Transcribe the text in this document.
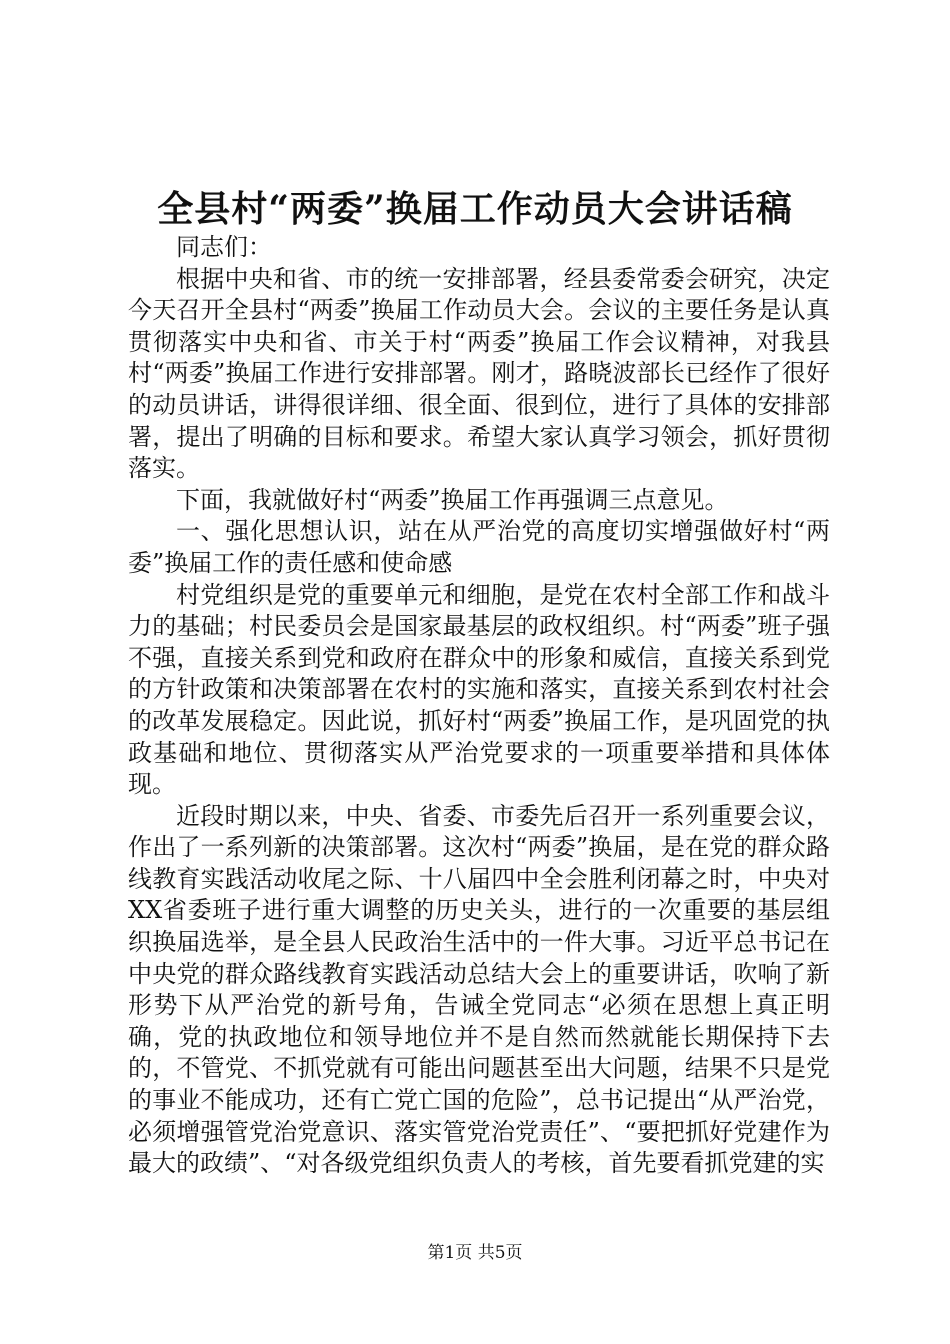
全县村“两委”换届工作动员大会讲话稿

同志们：

根据中央和省、市的统一安排部署，经县委常委会研究，决定今天召开全县村“两委”换届工作动员大会。会议的主要任务是认真贯彻落实中央和省、市关于村“两委”换届工作会议精神，对我县村“两委”换届工作进行安排部署。刚才，路晓波部长已经作了很好的动员讲话，讲得很详细、很全面、很到位，进行了具体的安排部署，提出了明确的目标和要求。希望大家认真学习领会，抓好贯彻落实。

下面，我就做好村“两委”换届工作再强调三点意见。

一、强化思想认识，站在从严治党的高度切实增强做好村“两委”换届工作的责任感和使命感

村党组织是党的重要单元和细胞，是党在农村全部工作和战斗力的基础；村民委员会是国家最基层的政权组织。村“两委”班子强不强，直接关系到党和政府在群众中的形象和威信，直接关系到党的方针政策和决策部署在农村的实施和落实，直接关系到农村社会的改革发展稳定。因此说，抓好村“两委”换届工作，是巩固党的执政基础和地位、贯彻落实从严治党要求的一项重要举措和具体体现。

近段时期以来，中央、省委、市委先后召开一系列重要会议，作出了一系列新的决策部署。这次村“两委”换届，是在党的群众路线教育实践活动收尾之际、十八届四中全会胜利闭幕之时，中央对XX省委班子进行重大调整的历史关头，进行的一次重要的基层组织换届选举，是全县人民政治生活中的一件大事。习近平总书记在中央党的群众路线教育实践活动总结大会上的重要讲话，吹响了新形势下从严治党的新号角，告诫全党同志“必须在思想上真正明确，党的执政地位和领导地位并不是自然而然就能长期保持下去的，不管党、不抓党就有可能出问题甚至出大问题，结果不只是党的事业不能成功，还有亡党亡国的危险”，总书记提出“从严治党，必须增强管党治党意识、落实管党治党责任”、“要把抓好党建作为最大的政绩”、“对各级党组织负责人的考核，首先要看抓党建的实

第1页 共5页
